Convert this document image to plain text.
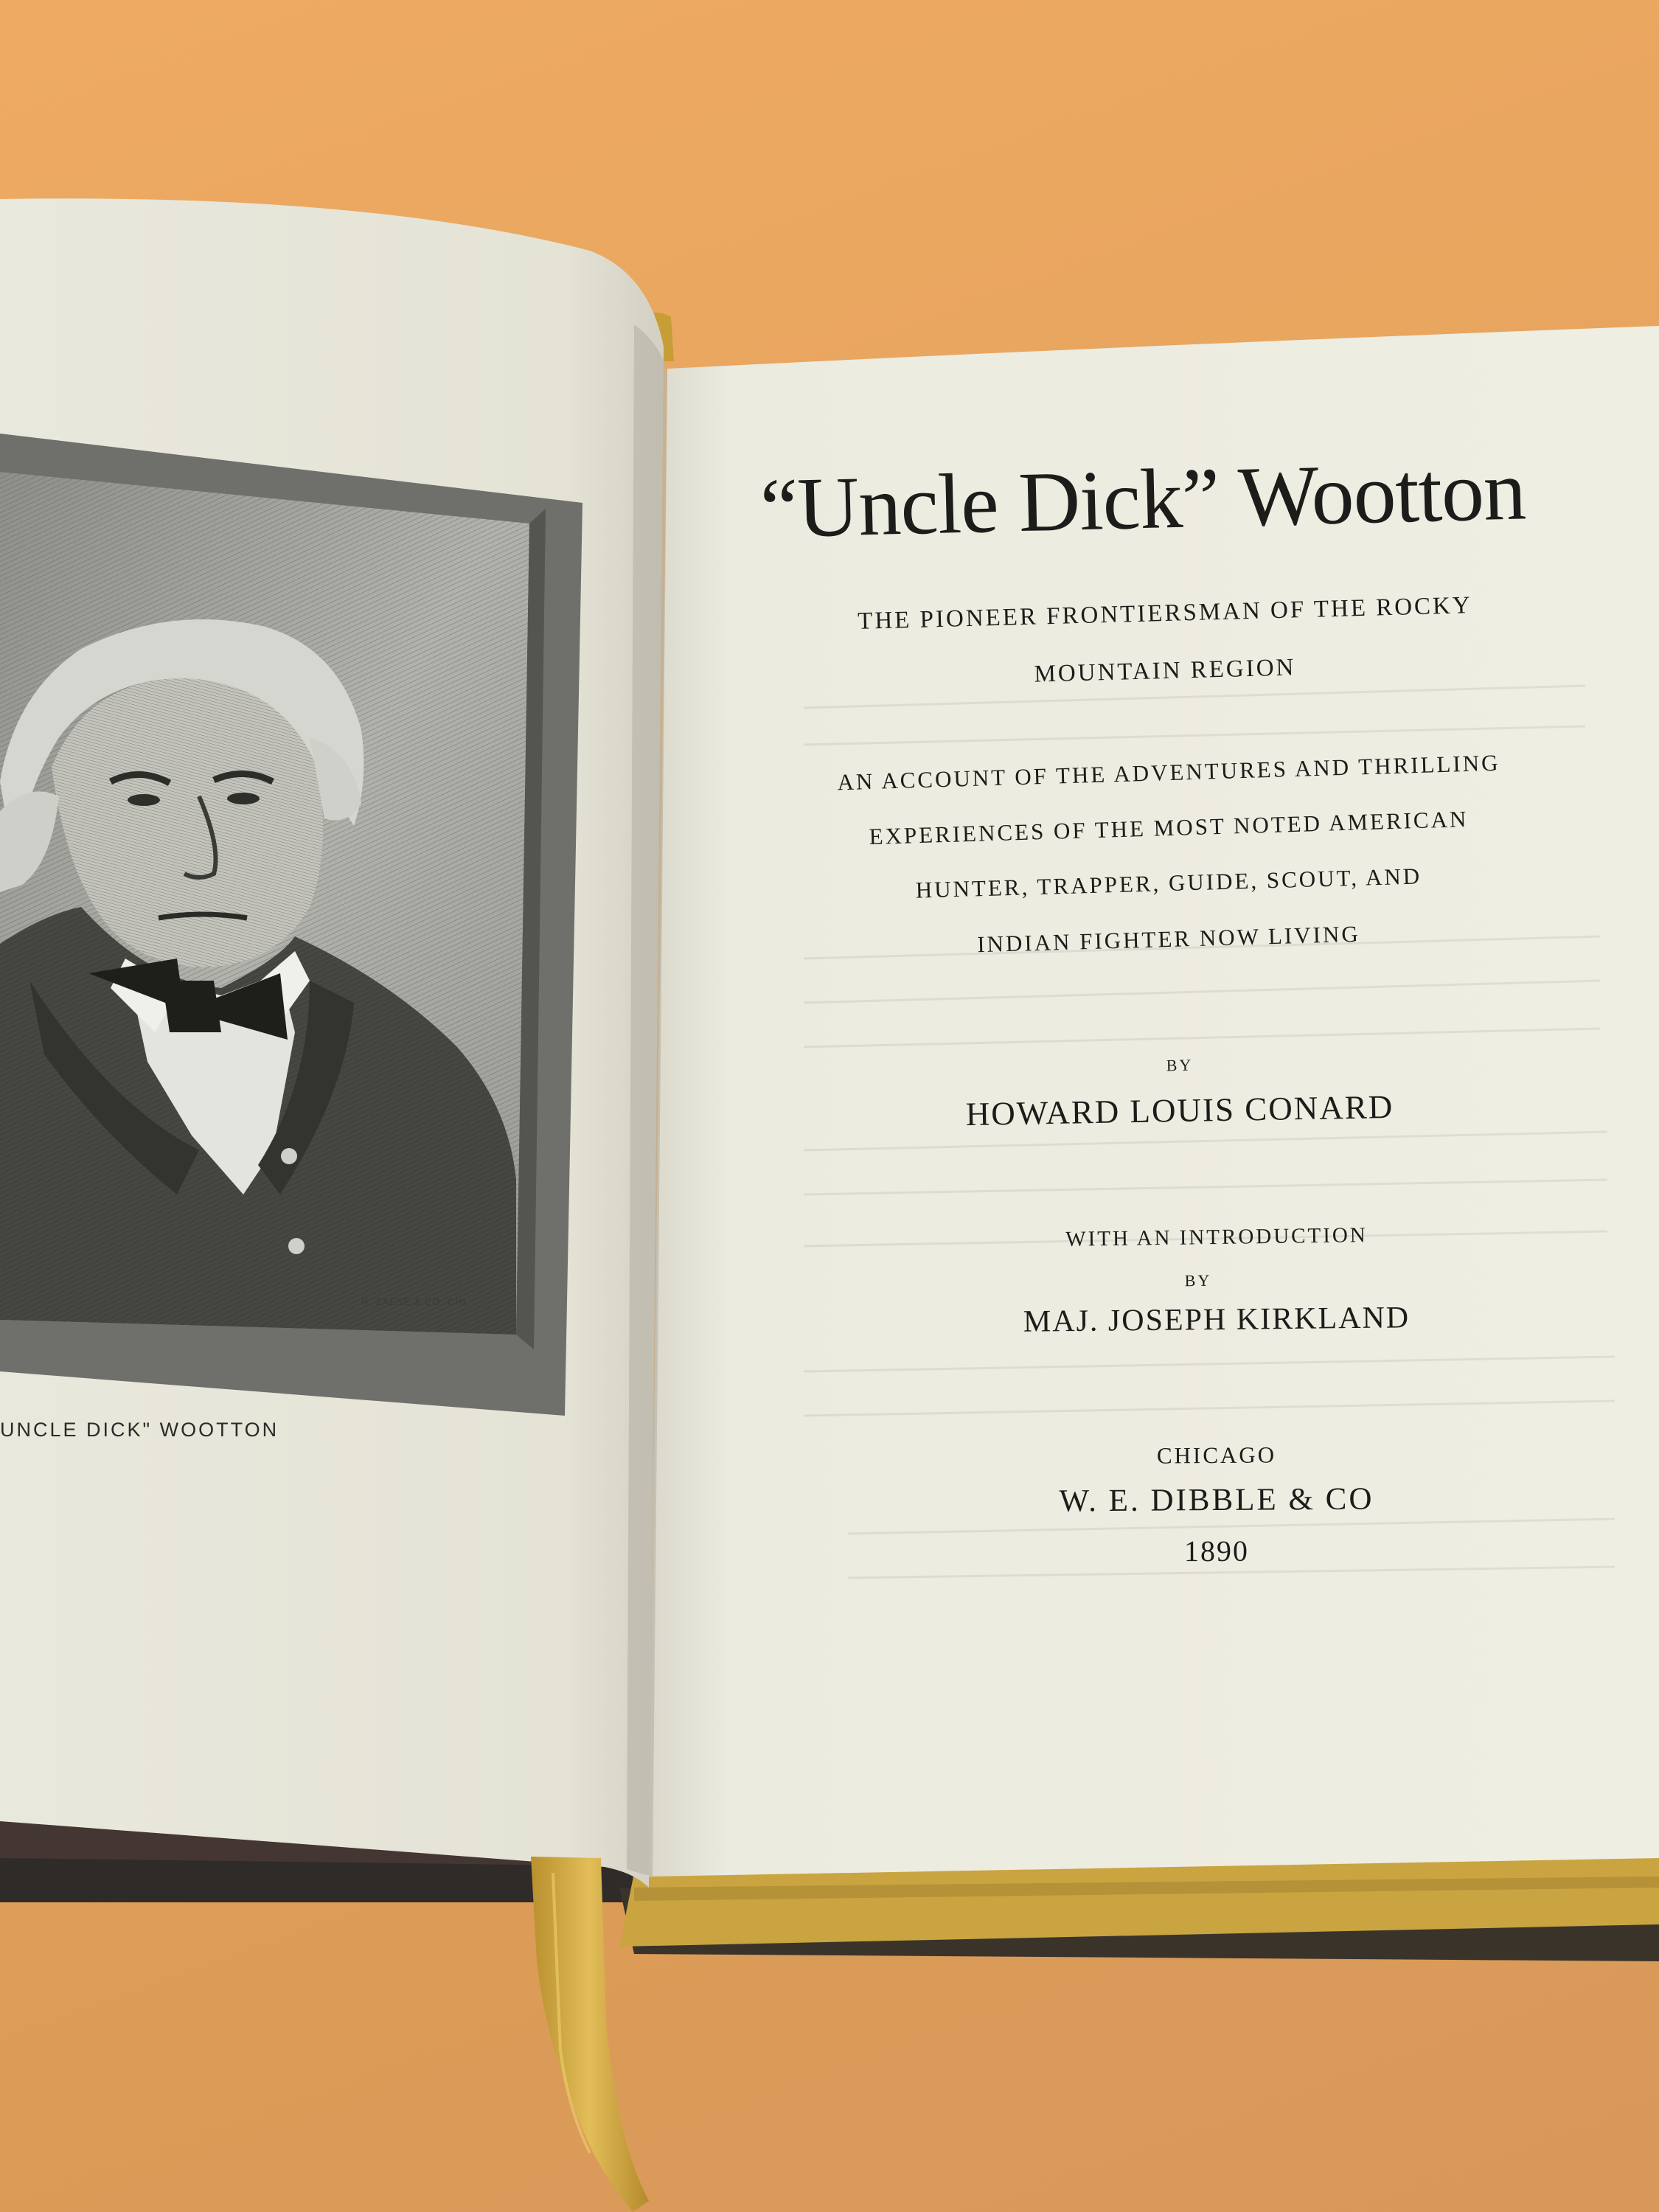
UNCLE DICK" WOOTTON
H. ZAESE & CO. CHI.
“Uncle Dick” Wootton
THE PIONEER FRONTIERSMAN OF THE ROCKY
MOUNTAIN REGION
AN ACCOUNT OF THE ADVENTURES AND THRILLING
EXPERIENCES OF THE MOST NOTED AMERICAN
HUNTER, TRAPPER, GUIDE, SCOUT, AND
INDIAN FIGHTER NOW LIVING
BY
HOWARD LOUIS CONARD
WITH AN INTRODUCTION
BY
MAJ. JOSEPH KIRKLAND
CHICAGO
W. E. DIBBLE & CO
1890
